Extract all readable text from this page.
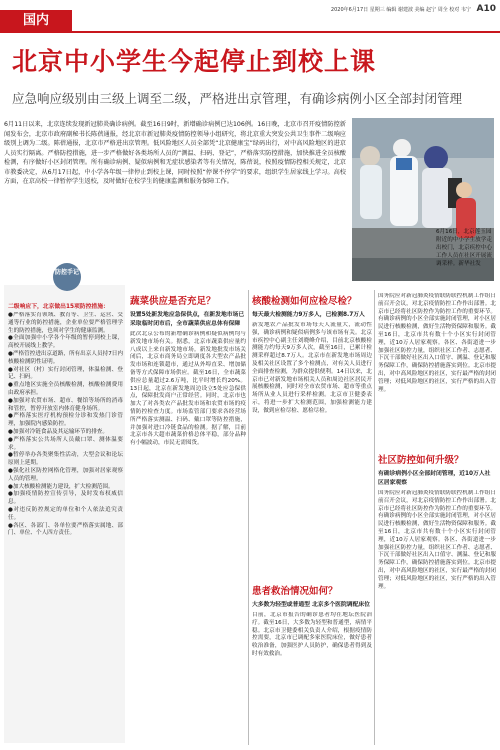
国内
2020年6月17日 星期三 编辑 谢建波 美编 赵宁 周全 校对 韦宁 A10
北京中小学生今起停止到校上课
应急响应级别由三级上调至二级，严格进出京管理，有确诊病例小区全部封闭管理
6月11日以来，北京连续发现新冠肺炎确诊病例。截至16日9时，新增确诊病例已达106例。16日晚，北京市召开疫情防控新闻发布会，北京市政府副秘书长陈蓓通报，经北京市新冠肺炎疫情防控领导小组研究，将北京重大突发公共卫生事件二级响应级别上调为二级。陈蓓通报，北京市严格进出京管理。低风险地区人员全部凭“北京健康宝”绿码出行，对中高风险地区的进京人员实行隔离。严格防控措施，进一步严格做好各类场所人员的“测温、扫码、登记”，严格落实防控措施，加快推进全员核酸检测，有序做好小区封闭管理。所有确诊病例、疑似病例和无症状感染者等有关情况，陈蓓说，按照疫情防控相关规定，北京市教委决定，从6月17日起，中小学各年级一律停止到校上课，同时按照“停课不停学”的要求，组织学生居家线上学习。高校方面，在京高校一律暂停学生返校，及时做好在校学生的健康监测和服务保障工作。
6月16日，北京莲玉园附近的中小学生放学走出校门，北京疾控中心工作人员在社区开展流调采样。新华社发
防控手记
二级响应下，北京做出15项防控措施：
●严格落实育领域、教育等、卫生、运营、交通等行业的防控措施，企业单位要严格管理学生的防控措施，也须对学生的健康监测。
●全面加强中小学各个年级的暂停到校上课，高校开展线上教学。
●严格管控进出京道路，所有出京人员持7日内核酸检测阴性证明。
●对社区（村）实行封闭管理，体温检测、登记、扫码。
●重点地区实施全员核酸检测，核酸检测费用由政府承担。
●加强对农贸市场、超市、餐馆等场所的消毒和管控，暂停开放室内体育健身场所。
●严格落实医疗机构预检分诊和发热门诊管理，加强院内感染防控。
●加强对冷链食品及其运输环节的排查。
●严格落实公共场所人员戴口罩、测体温要求。
●暂停举办各类聚集性活动，大型会议和论坛原则上延期。
●强化社区防控网格化管理，加强对居家观察人员的管理。
●加大核酸检测能力建设，扩大检测范围。
●加强疫情防控宣传引导，及时发布权威信息。
●对违反防控规定的单位和个人依法追究责任。
●各区、各部门、各单位要严格落实属地、部门、单位、个人四方责任。
蔬菜供应是否充足？
设置5处新发地应急保供点，在新发地市场已采取临时闭市后，全市蔬菜供应总体有保障
此次北京公布的新增确诊病例和疑似病例均与新发地市场有关。据悉，北京市蔬菜供应量约八成以上来自新发地市场。新发地批发市场关闭后，北京市商务局立即调度各大型农产品批发市场和连锁超市，通过从外埠直采、增加储备等方式保障市场供应。截至16日，全市蔬菜供应总量超过2.6万吨，比平时增长约20%。13日起，北京在新发地周边设立5处应急保供点，保障批发商户正常经营。同时，北京市也加大了对各类农产品批发市场和农贸市场的疫情防控检查力度。市场监管部门要求各经营场所严格落实测温、扫码、戴口罩等防控措施，并加强对进口冷链食品的检测。据了解，目前北京市各大超市蔬菜价格总体平稳，部分品种有小幅波动，市民无需囤货。
核酸检测如何应检尽检？
每天最大检测能力9万多人，已检测8.7万人
新发地农产品批发市场每天人流量大，流动性强，确诊病例和疑似病例多与该市场有关。北京市疾控中心副主任刘晓峰介绍，目前北京核酸检测能力约每天9万多人次，截至16日，已累计检测采样超过8.7万人。北京市在新发地市场周边及相关社区设置了多个检测点，对有关人员进行全面排查检测，为群众提供便利。14日以来，北京市已对新发地市场相关人员和周边社区居民开展核酸检测，同时对全市农贸市场、超市等重点场所从业人员进行采样检测。北京市卫健委表示，将进一步扩大检测范围，加强检测能力建设，做到应检尽检、愿检尽检。
患者救治情况如何？
大多数为轻型或普通型 北京多个医院调配床位
目前，北京市报告的确诊患者均在地坛医院治疗。截至16日，大多数为轻型和普通型，病情平稳。北京市卫健委相关负责人介绍，根据疫情防控需要，北京市已调配多家医院床位，做好患者收治准备，加强医护人员防护，确保患者得到及时有效救治。
国务院应对新冠肺炎疫情联防联控机制工作组日前召开会议，对北京疫情防控工作作出部署。北京市已经将社区防控作为防控工作的重要环节。有确诊病例的小区全部实施封闭管理，对小区居民进行核酸检测，做好生活物资保障和服务。截至16日，北京市共有数十个小区实行封闭管理，近10万人居家观察。各区、各街道进一步加强社区防控力量，组织社区工作者、志愿者、下沉干部做好社区出入口值守、测温、登记和服务保障工作，确保防控措施落实到位。北京市提出，对中高风险地区的社区，实行最严格的封闭管理；对低风险地区的社区，实行严格的出入管理。
社区防控如何升级？
有确诊病例小区全部封闭管理，近10万人社区居家观察
国务院应对新冠肺炎疫情联防联控机制工作组日前召开会议，对北京疫情防控工作作出部署。北京市已经将社区防控作为防控工作的重要环节。有确诊病例的小区全部实施封闭管理，对小区居民进行核酸检测，做好生活物资保障和服务。截至16日，北京市共有数十个小区实行封闭管理，近10万人居家观察。各区、各街道进一步加强社区防控力量，组织社区工作者、志愿者、下沉干部做好社区出入口值守、测温、登记和服务保障工作，确保防控措施落实到位。北京市提出，对中高风险地区的社区，实行最严格的封闭管理；对低风险地区的社区，实行严格的出入管理。
